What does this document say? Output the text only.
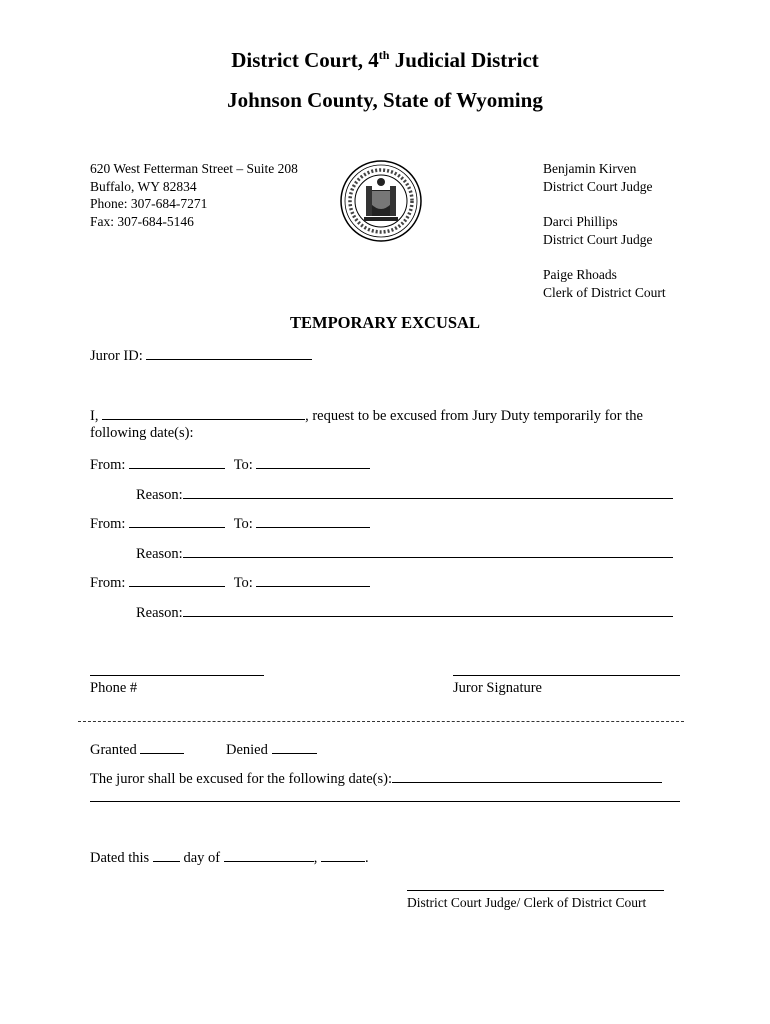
District Court, 4th Judicial District
Johnson County, State of Wyoming
620 West Fetterman Street – Suite 208
Buffalo, WY 82834
Phone: 307-684-7271
Fax: 307-684-5146
Benjamin Kirven
District Court Judge
Darci Phillips
District Court Judge
Paige Rhoads
Clerk of District Court
TEMPORARY EXCUSAL
Juror ID:
I,	, request to be excused from Jury Duty temporarily for the
following date(s):
From:	To:
Reason:
From:	To:
Reason:
From:	To:
Reason:
Phone #	Juror Signature
Granted	Denied
The juror shall be excused for the following date(s):
Dated this day of	,	.
District Court Judge/ Clerk of District Court
